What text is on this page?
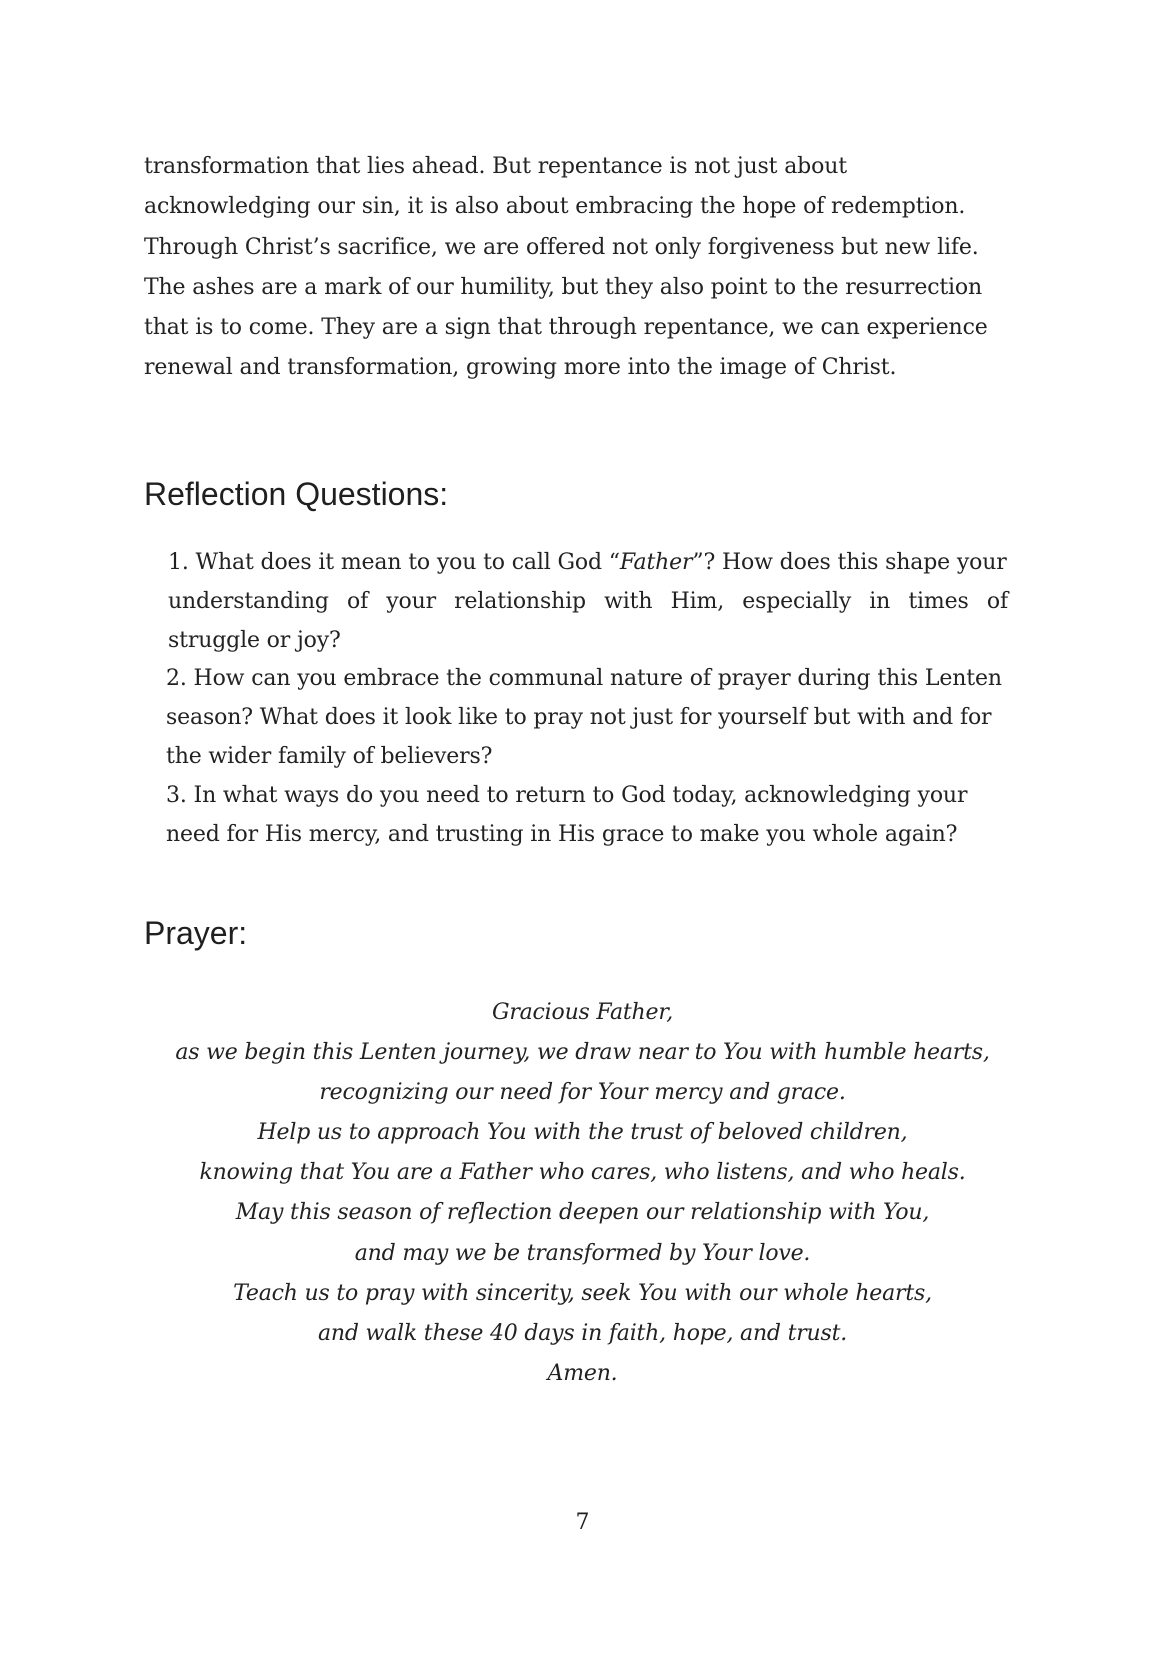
transformation that lies ahead. But repentance is not just about
acknowledging our sin, it is also about embracing the hope of redemption.
Through Christ’s sacrifice, we are offered not only forgiveness but new life.
The ashes are a mark of our humility, but they also point to the resurrection
that is to come. They are a sign that through repentance, we can experience
renewal and transformation, growing more into the image of Christ.
Reflection Questions:
1. What does it mean to you to call God “Father”? How does this shape your
understanding of your relationship with Him, especially in times of
struggle or joy?
2. How can you embrace the communal nature of prayer during this Lenten
season? What does it look like to pray not just for yourself but with and for
the wider family of believers?
3. In what ways do you need to return to God today, acknowledging your
need for His mercy, and trusting in His grace to make you whole again?
Prayer:
Gracious Father,
as we begin this Lenten journey, we draw near to You with humble hearts,
recognizing our need for Your mercy and grace.
Help us to approach You with the trust of beloved children,
knowing that You are a Father who cares, who listens, and who heals.
May this season of reflection deepen our relationship with You,
and may we be transformed by Your love.
Teach us to pray with sincerity, seek You with our whole hearts,
and walk these 40 days in faith, hope, and trust.
Amen.
7
